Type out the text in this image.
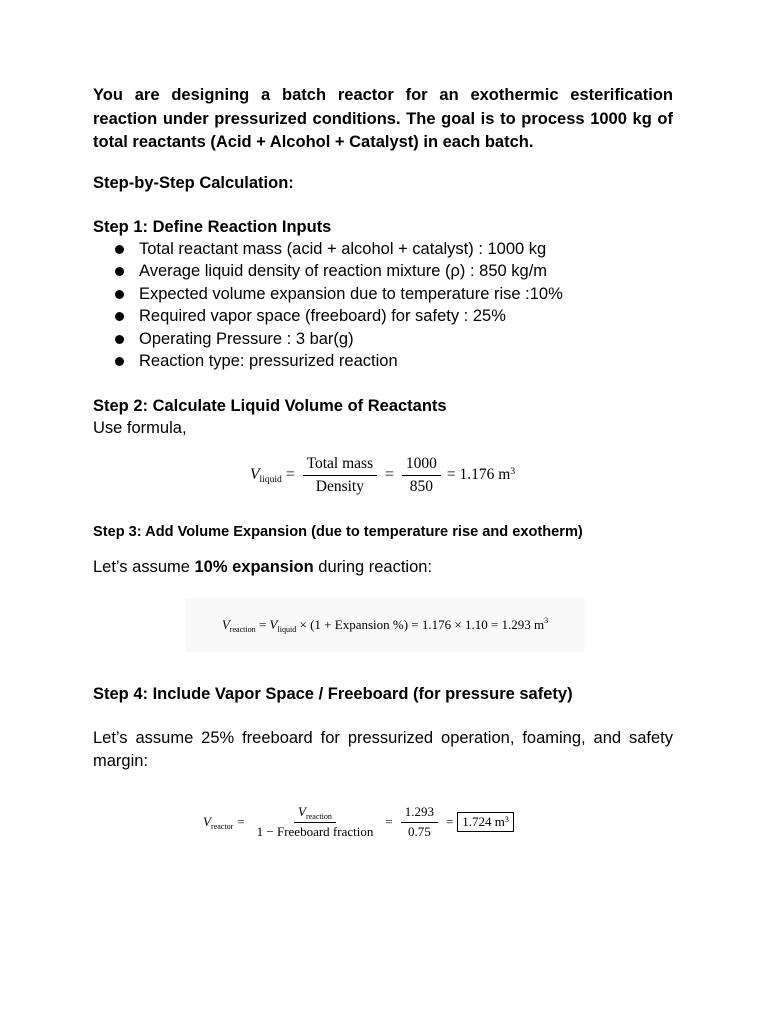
You are designing a batch reactor for an exothermic esterification reaction under pressurized conditions. The goal is to process 1000 kg of total reactants (Acid + Alcohol + Catalyst) in each batch.

Step-by-Step Calculation:

Step 1: Define Reaction Inputs

Total reactant mass (acid + alcohol + catalyst) : 1000 kg
Average liquid density of reaction mixture (ρ) : 850 kg/m
Expected volume expansion due to temperature rise :10%
Required vapor space (freeboard) for safety : 25%
Operating Pressure : 3 bar(g)
Reaction type: pressurized reaction

Step 2: Calculate Liquid Volume of Reactants

Use formula,

$V_{liquid} = \frac{\text{Total mass}}{\text{Density}} = \frac{1000}{850} = 1.176$ $m^3$

Step 3: Add Volume Expansion (due to temperature rise and exotherm)

Let’s assume 10% expansion during reaction:

$V_{reaction} = V_{liquid} \times (1$ + Expansion %) = 1.176 × 1.10 = 1.293 m 3

Step 4: Include Vapor Space / Freeboard (for pressure safety)

Let’s assume 25% freeboard for pressurized operation, foaming, and safety margin:

$V_{reactor} = \frac{V_{reaction}}{\text{1 − Freeboard fraction}} = \frac{1.293}{0.75} = 1.724$ $m^3$
